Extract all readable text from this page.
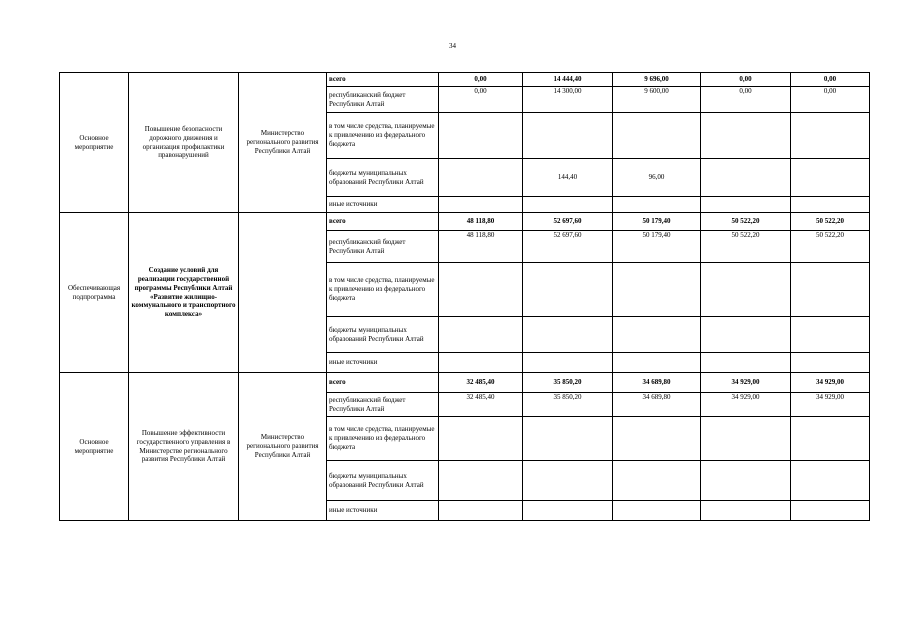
34
Основное мероприятие	Повышение безопасности дорожного движения и организация профилактики правонарушений	Министерство регионального развития Республики Алтай	всего	0,00	14 444,40	9 696,00	0,00	0,00
			республиканский бюджет Республики Алтай	0,00	14 300,00	9 600,00	0,00	0,00
			в том числе средства, планируемые к привлечению из федерального бюджета					
			бюджеты муниципальных образований Республики Алтай		144,40	96,00		
			иные источники					
Обеспечивающая подпрограмма	Создание условий для реализации государственной программы Республики Алтай «Развитие жилищно-коммунального и транспортного комплекса»		всего	48 118,80	52 697,60	50 179,40	50 522,20	50 522,20
			республиканский бюджет Республики Алтай	48 118,80	52 697,60	50 179,40	50 522,20	50 522,20
			в том числе средства, планируемые к привлечению из федерального бюджета					
			бюджеты муниципальных образований Республики Алтай					
			иные источники					
Основное мероприятие	Повышение эффективности государственного управления в Министерстве регионального развития Республики Алтай	Министерство регионального развития Республики Алтай	всего	32 485,40	35 850,20	34 689,80	34 929,00	34 929,00
			республиканский бюджет Республики Алтай	32 485,40	35 850,20	34 689,80	34 929,00	34 929,00
			в том числе средства, планируемые к привлечению из федерального бюджета					
			бюджеты муниципальных образований Республики Алтай					
			иные источники					
